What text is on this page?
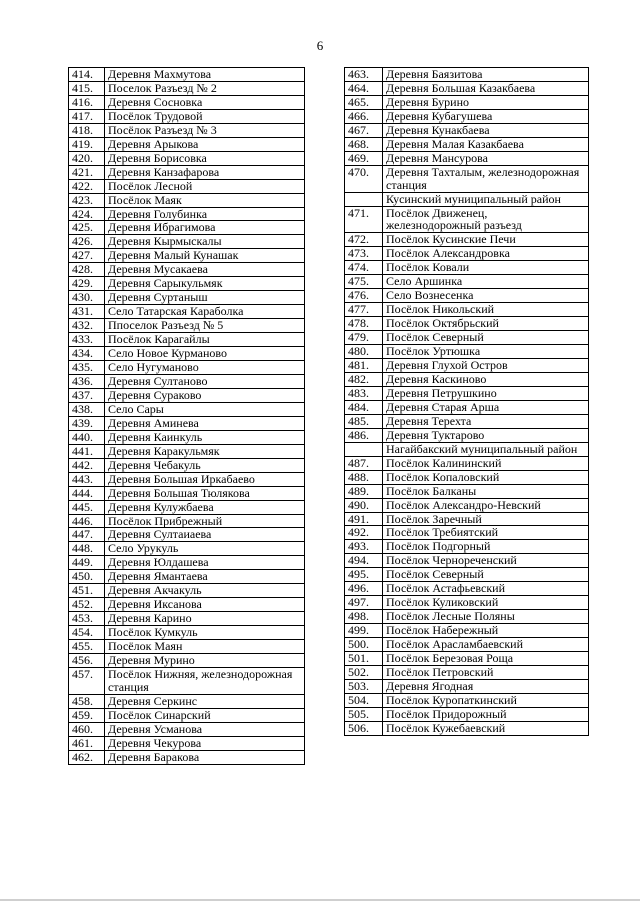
6
414.	Деревня Махмутова
415.	Поселок Разъезд № 2
416.	Деревня Сосновка
417.	Посёлок Трудовой
418.	Посёлок Разъезд № 3
419.	Деревня Арыкова
420.	Деревня Борисовка
421.	Деревня Канзафарова
422.	Посёлок Лесной
423.	Посёлок Маяк
424.	Деревня Голубинка
425.	Деревня Ибрагимова
426.	Деревня Кырмыскалы
427.	Деревня Малый Кунашак
428.	Деревня Мусакаева
429.	Деревня Сарыкульмяк
430.	Деревня Суртаныш
431.	Село Татарская Караболка
432.	Ппоселок Разъезд № 5
433.	Посёлок Карагайлы
434.	Село Новое Курманово
435.	Село Нугуманово
436.	Деревня Султаново
437.	Деревня Сураково
438.	Село Сары
439.	Деревня Аминева
440.	Деревня Каинкуль
441.	Деревня Каракульмяк
442.	Деревня Чебакуль
443.	Деревня Большая Иркабаево
444.	Деревня Большая Тюлякова
445.	Деревня Кулужбаева
446.	Посёлок Прибрежный
447.	Деревня Султаиаева
448.	Село Урукуль
449.	Деревня Юлдашева
450.	Деревня Ямантаева
451.	Деревня Акчакуль
452.	Деревня Иксанова
453.	Деревня Карино
454.	Посёлок Кумкуль
455.	Посёлок Маян
456.	Деревня Мурино
457.	Посёлок Нижняя, железнодорожная станция
458.	Деревня Серкинс
459.	Посёлок Синарский
460.	Деревня Усманова
461.	Деревня Чекурова
462.	Деревня Баракова
463.	Деревня Баязитова
464.	Деревня Большая Казакбаева
465.	Деревня Бурино
466.	Деревня Кубагушева
467.	Деревня Кунакбаева
468.	Деревня Малая Казакбаева
469.	Деревня Мансурова
470.	Деревня Тахталым, железнодорожная станция
	Кусинский муниципальный район
471.	Посёлок Движенец, железнодорожный разъезд
472.	Посёлок Кусинские Печи
473.	Посёлок Александровка
474.	Посёлок Ковали
475.	Село Аршинка
476.	Село Вознесенка
477.	Посёлок Никольский
478.	Посёлок Октябрьский
479.	Посёлок Северный
480.	Посёлок Уртюшка
481.	Деревня Глухой Остров
482.	Деревня Каскиново
483.	Деревня Петрушкино
484.	Деревня Старая Арша
485.	Деревня Терехта
486.	Деревня Туктарово
	Нагайбакский муниципальный район
487.	Посёлок Калининский
488.	Посёлок Копаловский
489.	Посёлок Балканы
490.	Посёлок Александро-Невский
491.	Посёлок Заречный
492.	Посёлок Требиятский
493.	Посёлок Подгорный
494.	Посёлок Чернореченский
495.	Посёлок Северный
496.	Посёлок Астафьевский
497.	Посёлок Куликовский
498.	Посёлок Лесные Поляны
499.	Посёлок Набережный
500.	Посёлок Арасламбаевский
501.	Посёлок Березовая Роща
502.	Посёлок Петровский
503.	Деревня Ягодная
504.	Посёлок Куропаткинский
505.	Посёлок Придорожный
506.	Посёлок Кужебаевский
